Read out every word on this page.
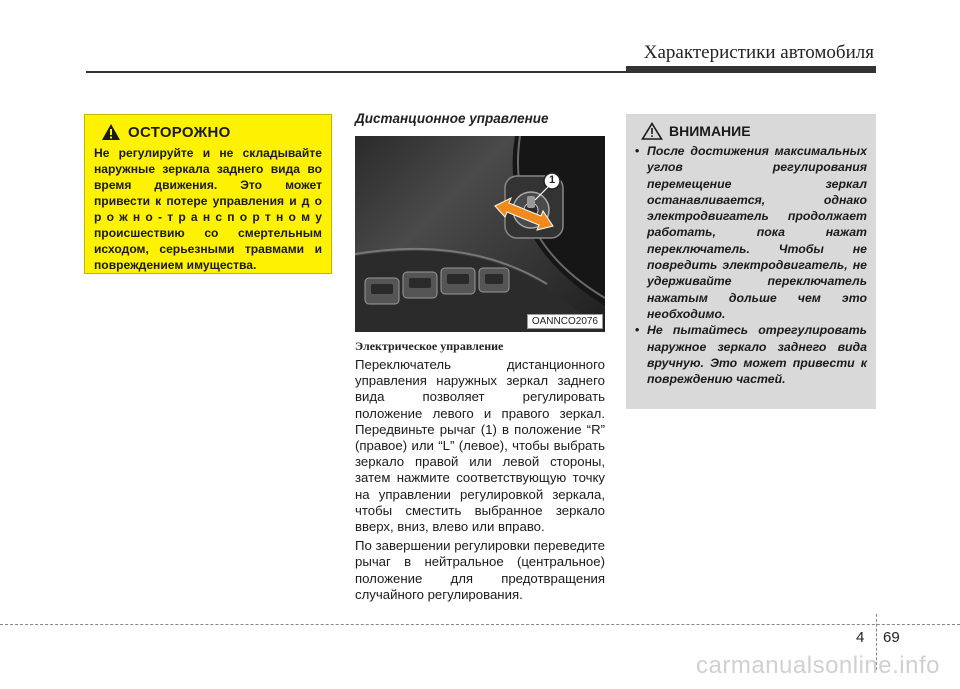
Характеристики автомобиля
ОСТОРОЖНО
Не регулируйте и не складывайте наружные зеркала заднего вида во время движения. Это может привести к потере управления и д о р о ж н о - т р а н с п о р т н о м у происшествию со смертельным исходом, серьезными травмами и повреждением имущества.
Дистанционное управление
1
OANNCO2076
Электрическое управление

Переключатель дистанционного управления наружных зеркал заднего вида позволяет регулировать положение левого и правого зеркал. Передвиньте рычаг (1) в положение “R” (правое) или “L” (левое), чтобы выбрать зеркало правой или левой стороны, затем нажмите соответствующую точку на управлении регулировкой зеркала, чтобы сместить выбранное зеркало вверх, вниз, влево или вправо.

По завершении регулировки переведите рычаг в нейтральное (центральное) положение для предотвращения случайного регулирования.

ВНИМАНИЕ
• После достижения максимальных углов регулирования перемещение зеркал останавливается, однако электродвигатель продолжает работать, пока нажат переключатель. Чтобы не повредить электродвигатель, не удерживайте переключатель нажатым дольше чем это необходимо.
• Не пытайтесь отрегулировать наружное зеркало заднего вида вручную. Это может привести к повреждению частей.
4 69
carmanualsonline.info
